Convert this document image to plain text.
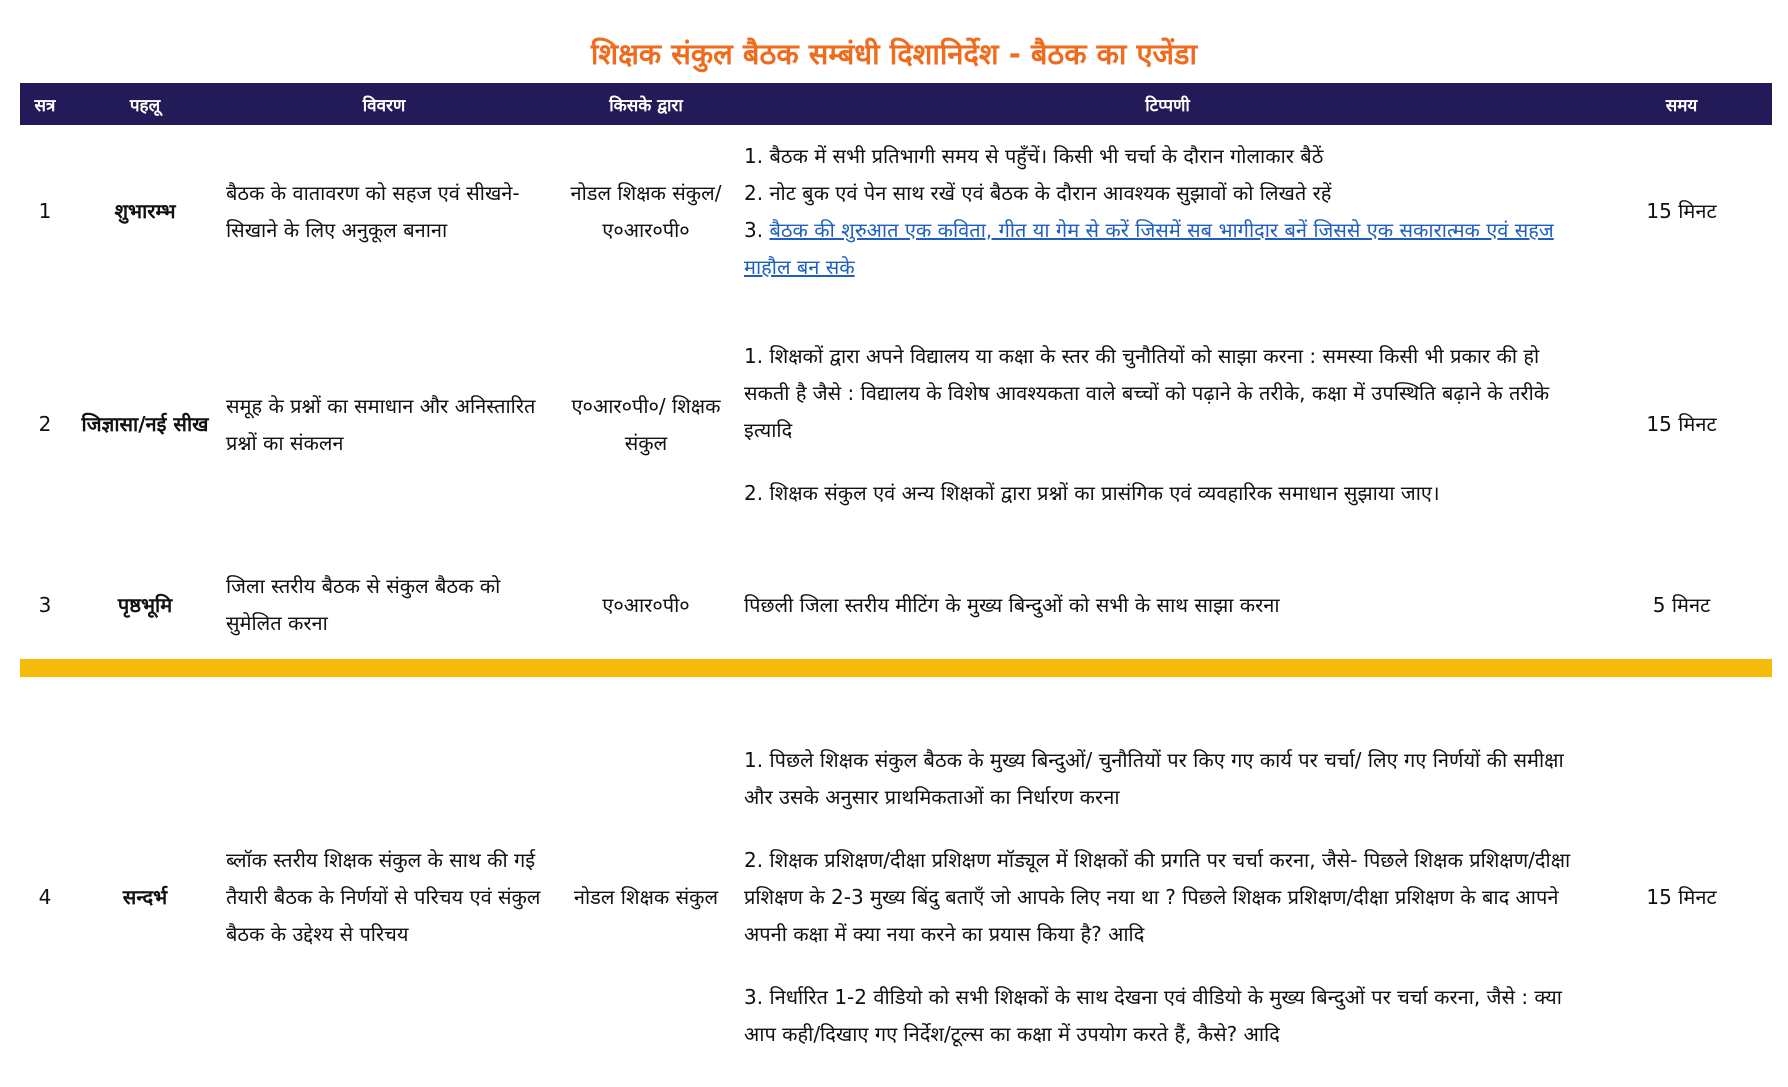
शिक्षक संकुल बैठक सम्बंधी दिशानिर्देश - बैठक का एजेंडा
सत्र	पहलू	विवरण	किसके द्वारा	टिप्पणी	समय
1	शुभारम्भ	बैठक के वातावरण को सहज एवं सीखने-सिखाने के लिए अनुकूल बनाना	नोडल शिक्षक संकुल/ ए०आर०पी०	1. बैठक में सभी प्रतिभागी समय से पहुँचें। किसी भी चर्चा के दौरान गोलाकार बैठें

2. नोट बुक एवं पेन साथ रखें एवं बैठक के दौरान आवश्यक सुझावों को लिखते रहें

3. बैठक की शुरुआत एक कविता, गीत या गेम से करें जिसमें सब भागीदार बनें जिससे एक सकारात्मक एवं सहज माहौल बन सके	15 मिनट
2	जिज्ञासा/नई सीख	समूह के प्रश्नों का समाधान और अनिस्तारित प्रश्नों का संकलन	ए०आर०पी०/ शिक्षक संकुल	1. शिक्षकों द्वारा अपने विद्यालय या कक्षा के स्तर की चुनौतियों को साझा करना : समस्या किसी भी प्रकार की हो सकती है जैसे : विद्यालय के विशेष आवश्यकता वाले बच्चों को पढ़ाने के तरीके, कक्षा में उपस्थिति बढ़ाने के तरीके इत्यादि

2. शिक्षक संकुल एवं अन्य शिक्षकों द्वारा प्रश्नों का प्रासंगिक एवं व्यवहारिक समाधान सुझाया जाए।	15 मिनट
3	पृष्ठभूमि	जिला स्तरीय बैठक से संकुल बैठक को सुमेलित करना	ए०आर०पी०	पिछली जिला स्तरीय मीटिंग के मुख्य बिन्दुओं को सभी के साथ साझा करना	5 मिनट

4	सन्दर्भ	ब्लॉक स्तरीय शिक्षक संकुल के साथ की गई तैयारी बैठक के निर्णयों से परिचय एवं संकुल बैठक के उद्देश्य से परिचय	नोडल शिक्षक संकुल	1. पिछले शिक्षक संकुल बैठक के मुख्य बिन्दुओं/ चुनौतियों पर किए गए कार्य पर चर्चा/ लिए गए निर्णयों की समीक्षा और उसके अनुसार प्राथमिकताओं का निर्धारण करना

2. शिक्षक प्रशिक्षण/दीक्षा प्रशिक्षण मॉड्यूल में शिक्षकों की प्रगति पर चर्चा करना, जैसे- पिछले शिक्षक प्रशिक्षण/दीक्षा प्रशिक्षण के 2-3 मुख्य बिंदु बताएँ जो आपके लिए नया था ? पिछले शिक्षक प्रशिक्षण/दीक्षा प्रशिक्षण के बाद आपने अपनी कक्षा में क्या नया करने का प्रयास किया है? आदि

3. निर्धारित 1-2 वीडियो को सभी शिक्षकों के साथ देखना एवं वीडियो के मुख्य बिन्दुओं पर चर्चा करना, जैसे : क्या आप कही/दिखाए गए निर्देश/टूल्स का कक्षा में उपयोग करते हैं, कैसे? आदि	15 मिनट
